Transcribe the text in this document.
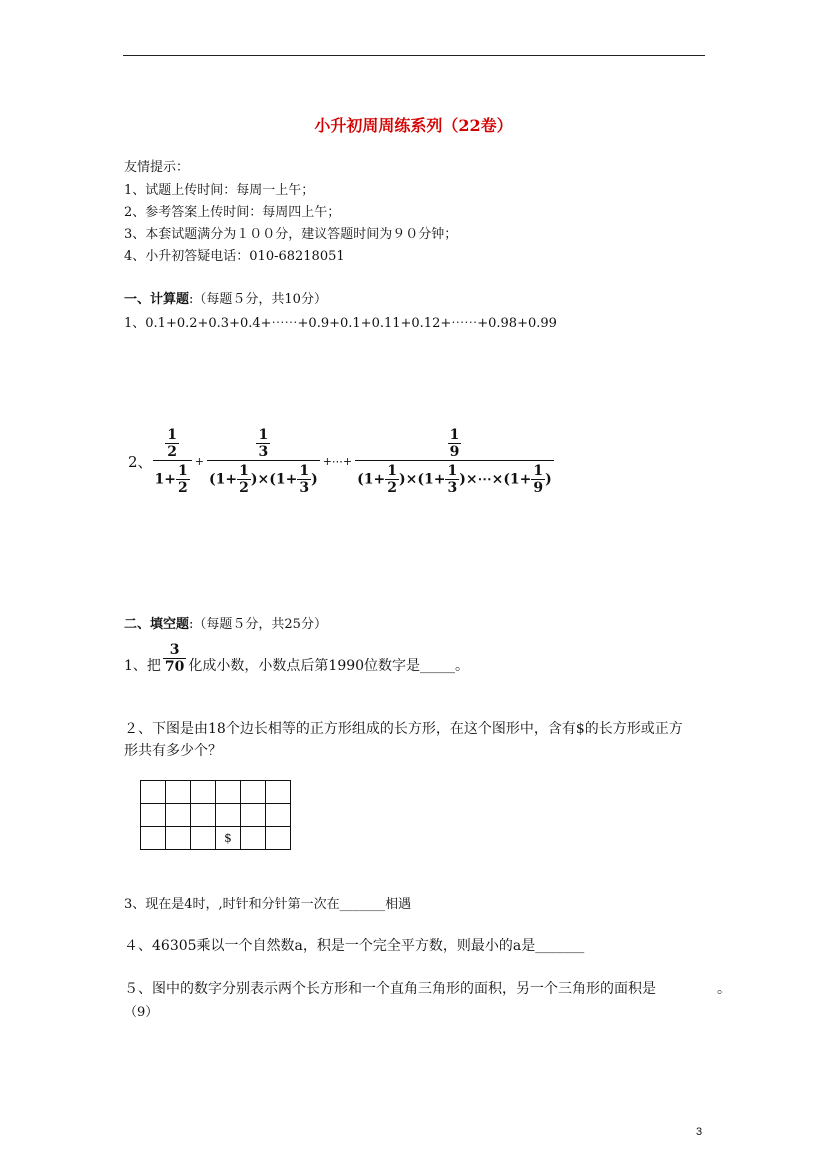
小升初周周练系列（22卷）
友情提示：
1、试题上传时间：每周一上午；
2、参考答案上传时间：每周四上午；
3、本套试题满分为１００分，建议答题时间为９０分钟；
4、小升初答疑电话：010-68218051
一、计算题:（每题５分，共10分）
1、0.1+0.2+0.3+0.4+⋯⋯+0.9+0.1+0.11+0.12+⋯⋯+0.98+0.99
2、 $\frac{\frac{1}{2}}{1+ \frac{1}{2}} + \frac{\frac{1}{3}}{(1+ \frac{1}{2} )\times(1+ \frac{1}{3} )}$ +⋯+ $\frac{\frac{1}{9}}{(1+ \frac{1}{2} )\times(1+ \frac{1}{3} )\times\cdots\times(1+ \frac{1}{9} )}$
二、填空题:（每题５分，共25分）
1、把 $\frac{3}{70}$ 化成小数，小数点后第1990位数字是_____。
２、下图是由18个边长相等的正方形组成的长方形，在这个图形中，含有$的长方形或正方
形共有多少个？

			$		
3、现在是4时，,时针和分针第一次在_______相遇
４、46305乘以一个自然数a，积是一个完全平方数，则最小的a是_______
５、图中的数字分别表示两个长方形和一个直角三角形的面积，另一个三角形的面积是	。
（9）
3
